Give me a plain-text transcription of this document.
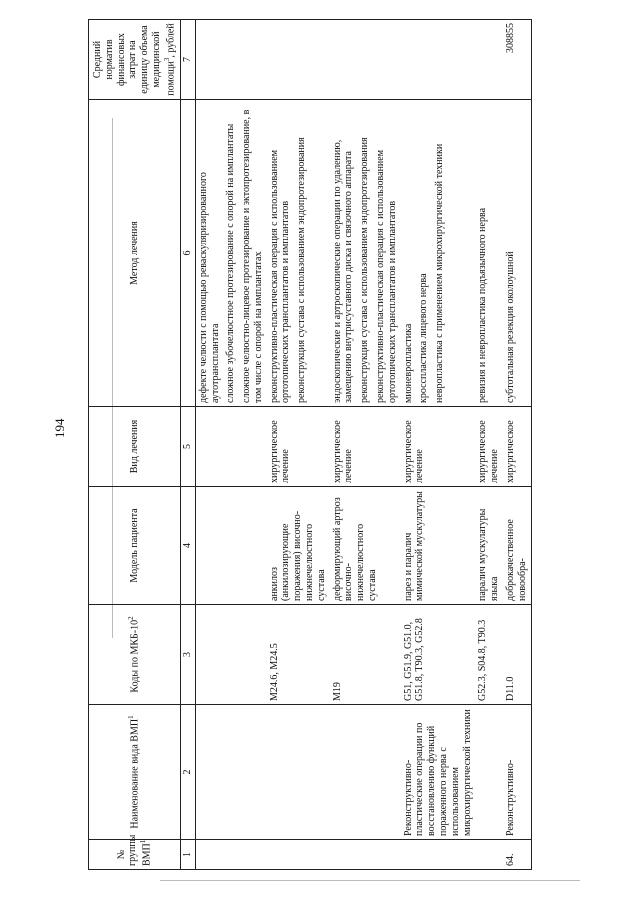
194
№ группы ВМП$^1$	Наименование вида ВМП$^1$	Коды по МКБ-$10^2$	Модель пациента	Вид лечения	Метод лечения	Средний норматив финансовых затрат на единицу объема медицинской помощи$^3$, рублей
1	2	3	4	5	6	7

					дефекте челюсти с помощью реваскуляризированного аутотрансплантата сложное зубочелюстное протезирование с опорой на имплантаты сложное челюстно-лицевое протезирование и эктопротезирование, в том числе с опорой на имплантатах	

		M24.6, M24.5	анкилоз (анкилозирующие поражения) височно-нижнечелюстного сустава	хирургическое лечение	реконструктивно-пластическая операция с использованием ортотопических трансплантатов и имплантатов реконструкция сустава с использованием эндопротезирования	

		M19	деформирующий артроз височно-нижнечелюстного сустава	хирургическое лечение	эндоскопические и артроскопические операции по удалению, замещению внутрисуставного диска и связочного аппарата реконструкция сустава с использованием эндопротезирования реконструктивно-пластическая операция с использованием ортотопических трансплантатов и имплантатов	

	Реконструктивно-пластические операции по восстановлению функций пораженного нерва с использованием микрохирургической техники	G51, G51.9, G51.0, G51.8, T90.3, G52.8	парез и паралич мимической мускулатуры	хирургическое лечение	мионевропластика кросспластика лицевого нерва невропластика с применением микрохирургической техники	

		G52.3, S04.8, T90.3	паралич мускулатуры языка	хирургическое лечение	ревизия и невропластика подъязычного нерва	

64.	Реконструктивно-	D11.0	доброкачественное новообра-	хирургическое	субтотальная резекция околоушной	308855
